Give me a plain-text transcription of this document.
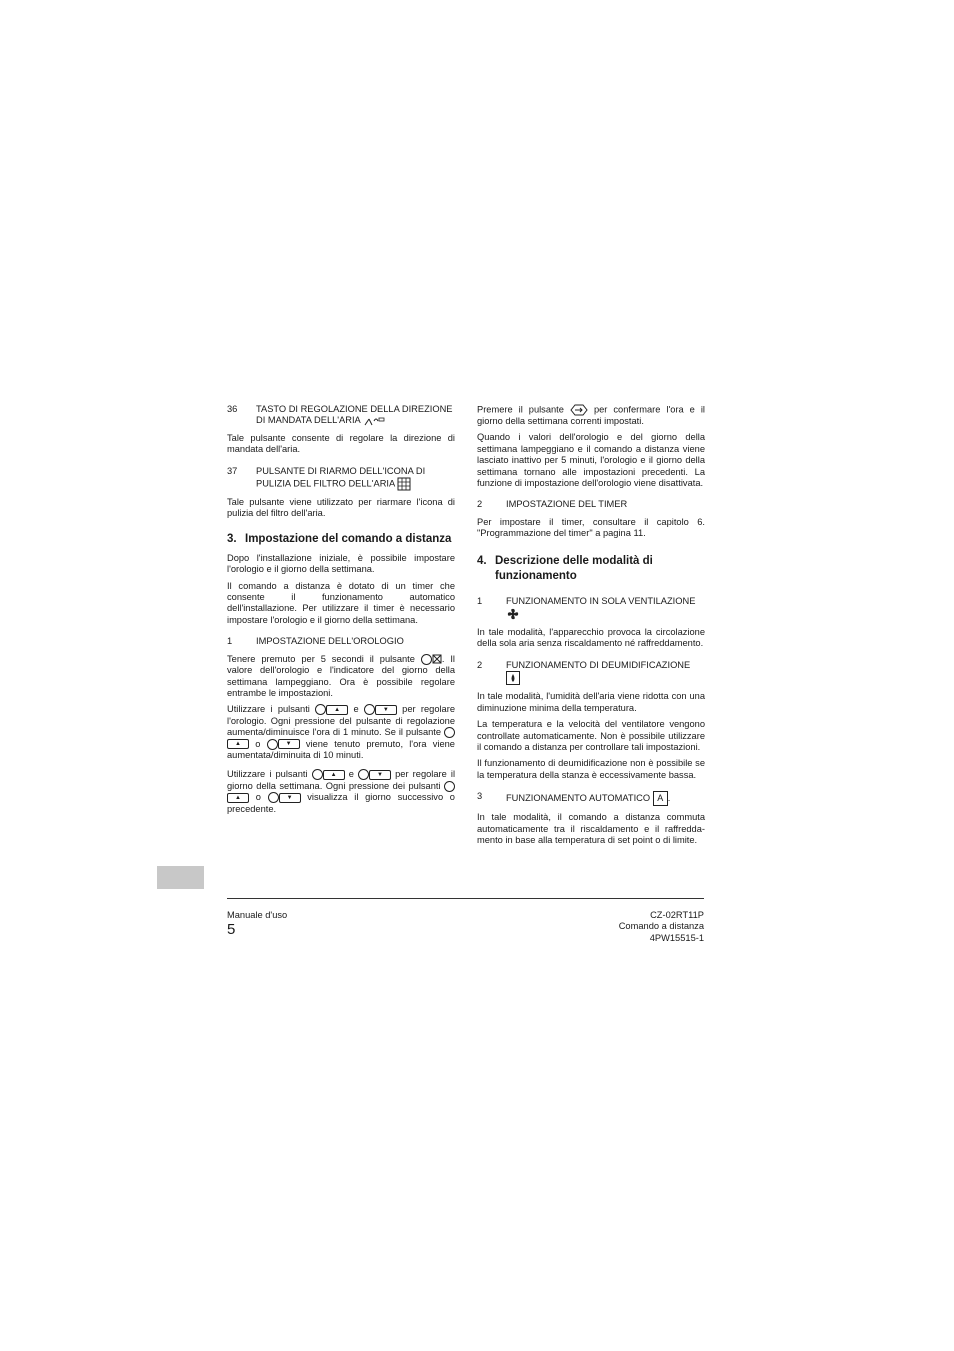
36	TASTO DI REGOLAZIONE DELLA DIREZIONE DI MANDATA DELL'ARIA

Tale pulsante consente di regolare la direzione di mandata dell'aria.

37	PULSANTE DI RIARMO DELL'ICONA DI PULIZIA DEL FILTRO DELL'ARIA

Tale pulsante viene utilizzato per riarmare l'icona di pulizia del filtro dell'aria.

3. Impostazione del comando a distanza

Dopo l'installazione iniziale, è possibile impostare l'orologio e il giorno della settimana.

Il comando a distanza è dotato di un timer che consente il funzionamento automatico dell'installazione. Per utilizzare il timer è necessario impostare l'orologio e il giorno della settimana.

1	IMPOSTAZIONE DELL'OROLOGIO

Tenere premuto per 5 secondi il pulsante	. Il valore dell'orologio e l'indicatore del giorno della settimana lampeggiano. Ora è possibile regolare entrambe le impostazioni.

Utilizzare i pulsanti	▲ e	▼ per regolare l'orologio. Ogni pressione del pulsante di regolazione aumenta/diminuisce l'ora di 1 minuto. Se il pulsante ▲ o	▼ viene tenuto premuto, l'ora viene aumentata/diminuita di 10 minuti.

Utilizzare i pulsanti	▲ e	▼ per regolare il giorno della settimana. Ogni pressione dei pulsanti ▲ o	▼ visualizza il giorno successivo o precedente.

Premere il pulsante	per confermare l'ora e il giorno della settimana correnti impostati.

Quando i valori dell'orologio e del giorno della settimana lampeggiano e il comando a distanza viene lasciato inattivo per 5 minuti, l'orologio e il giorno della settimana tornano alle impostazioni precedenti. La funzione di impostazione dell'orologio viene disattivata.

2	IMPOSTAZIONE DEL TIMER

Per impostare il timer, consultare il capitolo 6. "Programmazione del timer" a pagina 11.

4. Descrizione delle modalità di funzionamento
1	FUNZIONAMENTO IN SOLA VENTILAZIONE

In tale modalità, l'apparecchio provoca la circolazione della sola aria senza riscaldamento né raffreddamento.

2	FUNZIONAMENTO DI DEUMIDIFICAZIONE

In tale modalità, l'umidità dell'aria viene ridotta con una diminuzione minima della temperatura.

La temperatura e la velocità del ventilatore vengono controllate automaticamente. Non è possibile utilizzare il comando a distanza per controllare tali impostazioni.

Il funzionamento di deumidificazione non è possibile se la temperatura della stanza è eccessivamente bassa.

3	FUNZIONAMENTO AUTOMATICO A .

In tale modalità, il comando a distanza commuta automaticamente tra il riscaldamento e il raffredda-mento in base alla temperatura di set point o di limite.

Manuale d'uso
5
CZ-02RT11P
Comando a distanza
4PW15515-1
